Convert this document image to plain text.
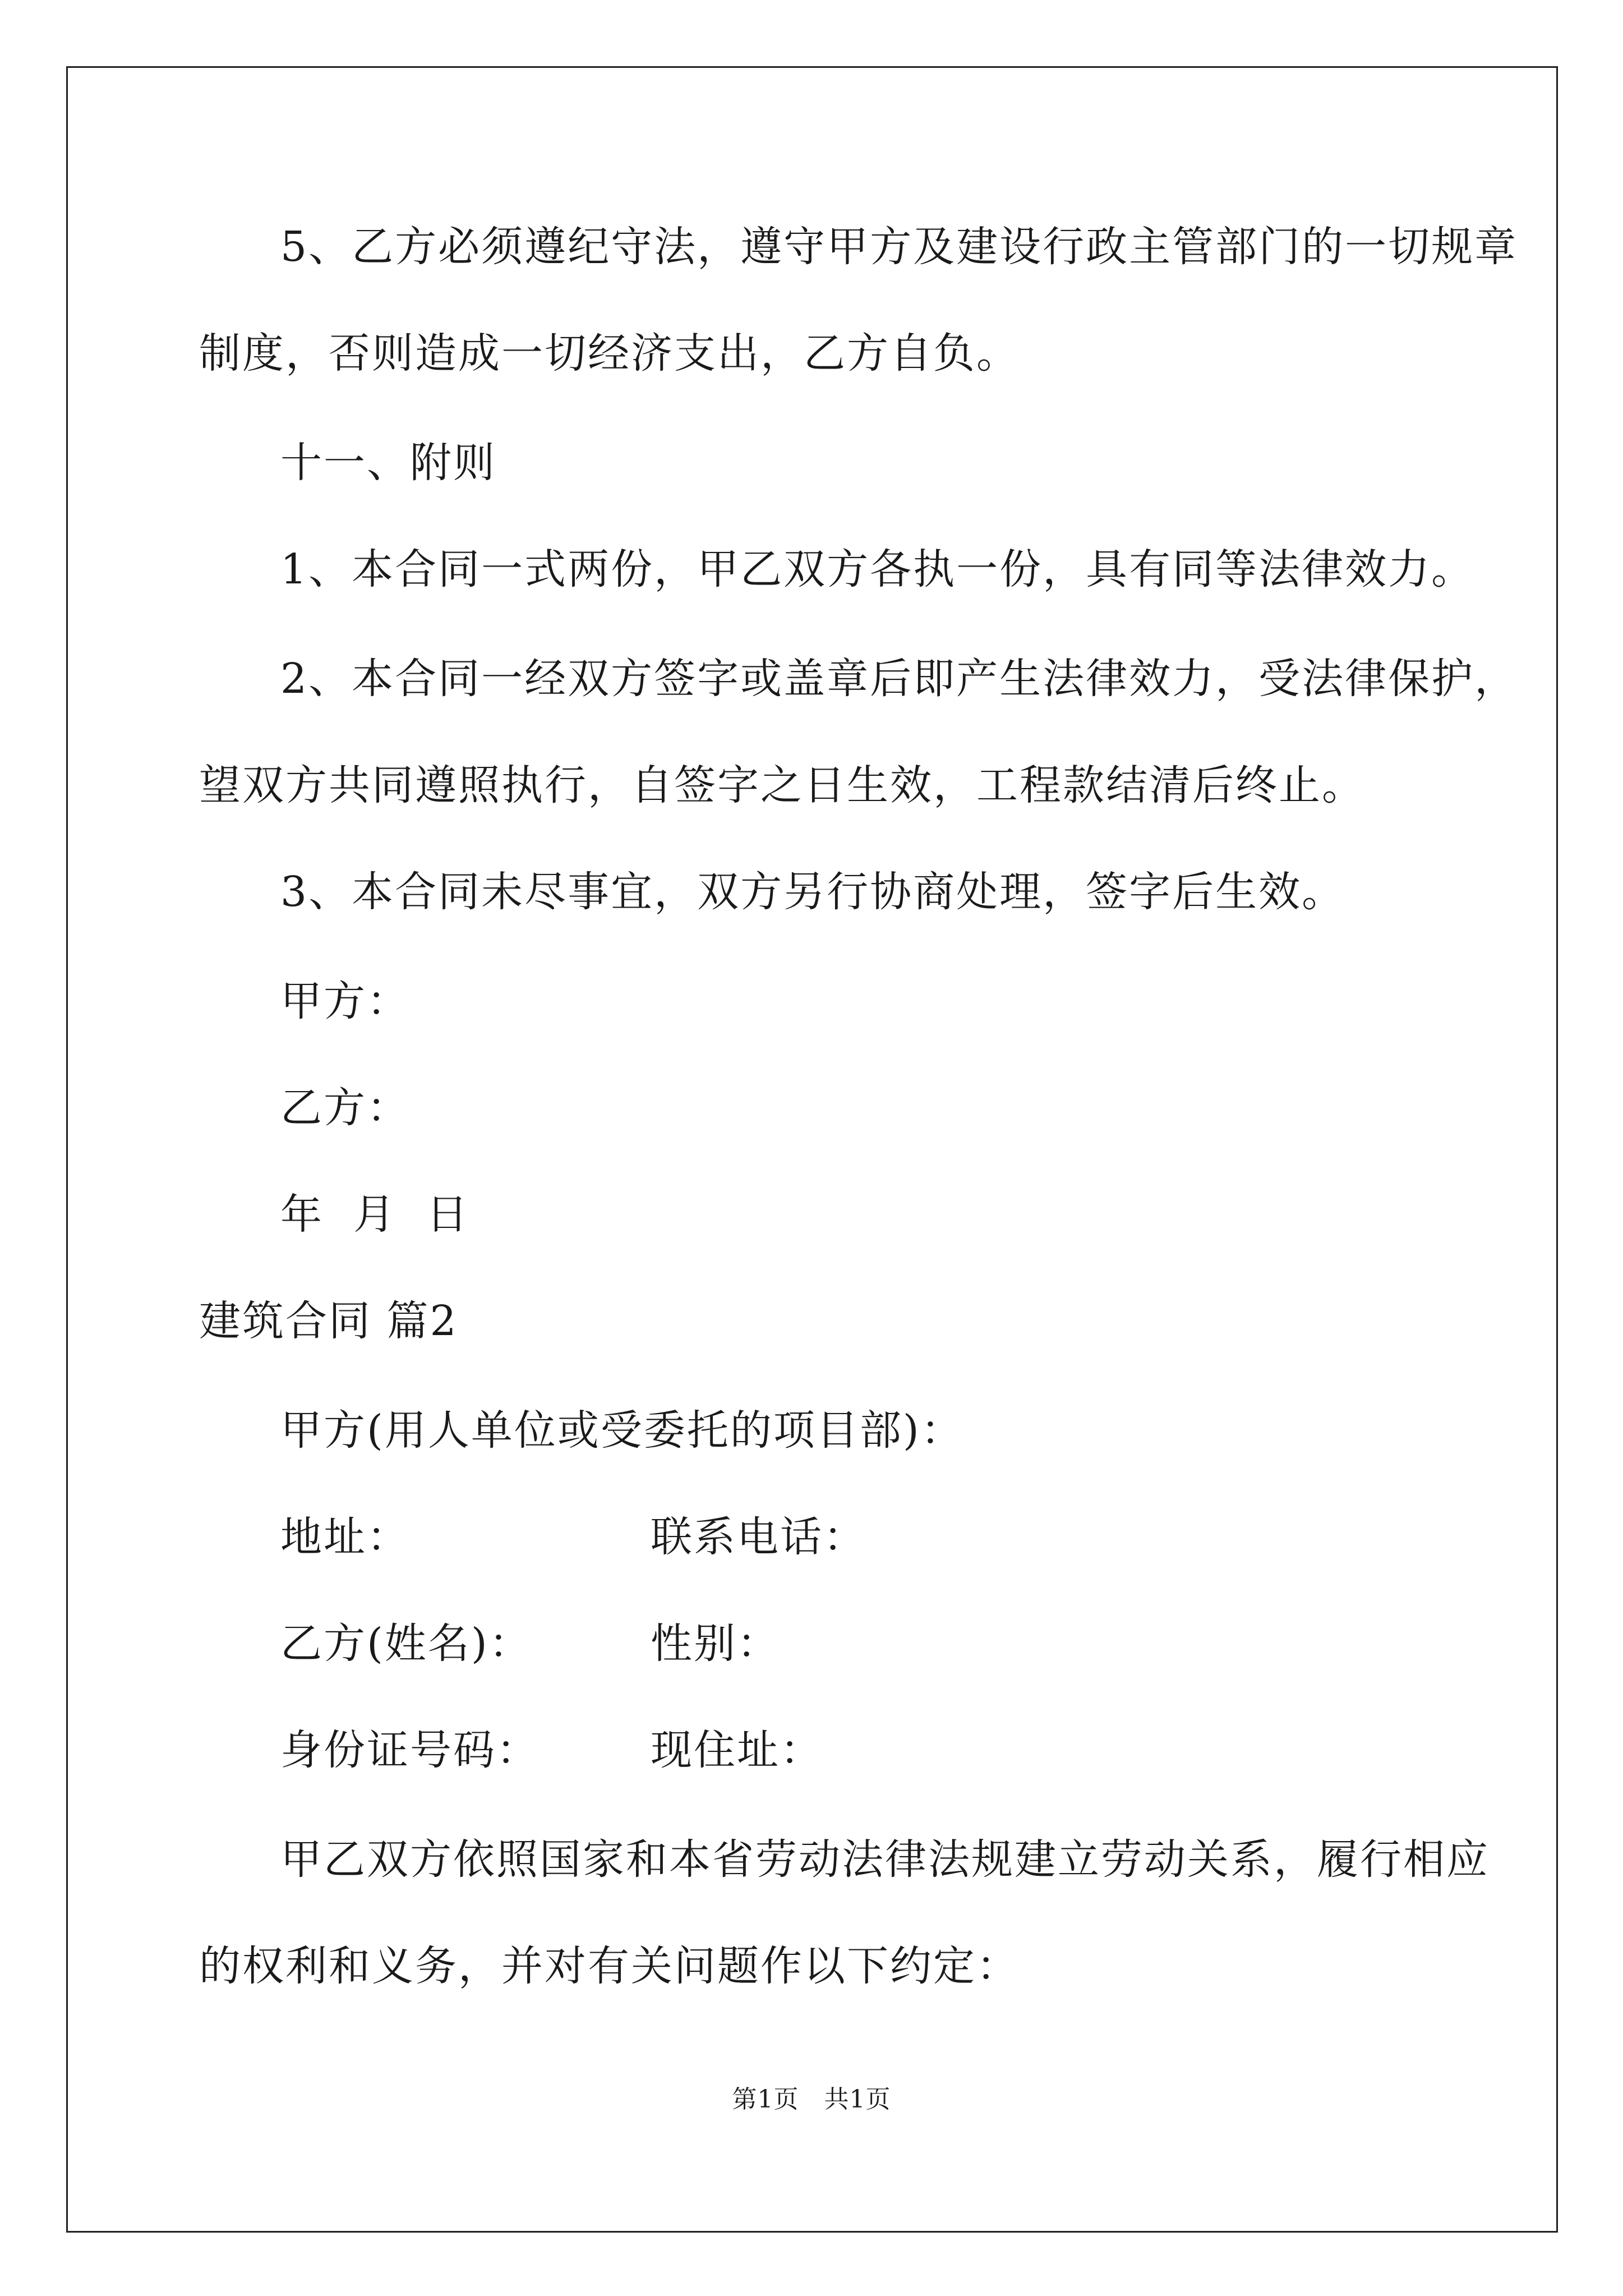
5、乙方必须遵纪守法，遵守甲方及建设行政主管部门的一切规章
制度，否则造成一切经济支出，乙方自负。
十一、附则
1、本合同一式两份，甲乙双方各执一份，具有同等法律效力。
2、本合同一经双方签字或盖章后即产生法律效力，受法律保护，
望双方共同遵照执行，自签字之日生效，工程款结清后终止。
3、本合同未尽事宜，双方另行协商处理，签字后生效。
甲方：
乙方：
年  月  日
建筑合同 篇2
甲方(用人单位或受委托的项目部)：
地址：	联系电话：
乙方(姓名)：	性别：
身份证号码：	现住址：
甲乙双方依照国家和本省劳动法律法规建立劳动关系，履行相应
的权利和义务，并对有关问题作以下约定：
第1页　共1页
